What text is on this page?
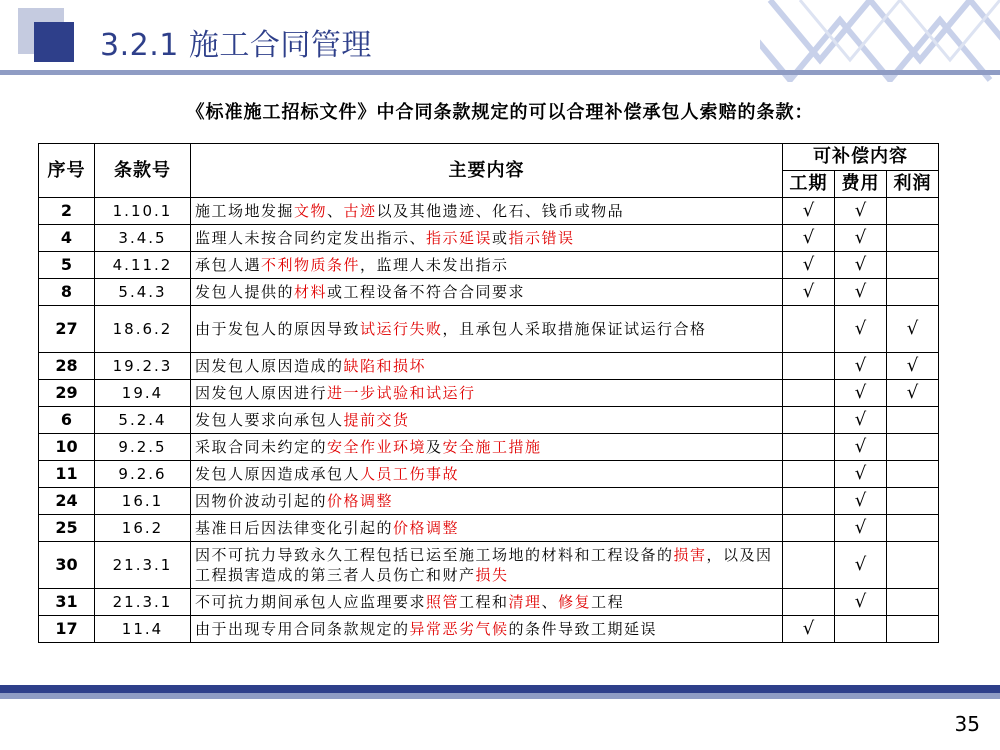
3.2.1 施工合同管理
《标准施工招标文件》中合同条款规定的可以合理补偿承包人索赔的条款：
序号	条款号	主要内容	可补偿内容		
			工期	费用	利润
2	1.10.1	施工场地发掘文物、古迹以及其他遗迹、化石、钱币或物品	√	√	
4	3.4.5	监理人未按合同约定发出指示、指示延误或指示错误	√	√	
5	4.11.2	承包人遇不利物质条件，监理人未发出指示	√	√	
8	5.4.3	发包人提供的材料或工程设备不符合合同要求	√	√	
27	18.6.2	由于发包人的原因导致试运行失败，且承包人采取措施保证试运行合格		√	√
28	19.2.3	因发包人原因造成的缺陷和损坏		√	√
29	19.4	因发包人原因进行进一步试验和试运行		√	√
6	5.2.4	发包人要求向承包人提前交货		√	
10	9.2.5	采取合同未约定的安全作业环境及安全施工措施		√	
11	9.2.6	发包人原因造成承包人人员工伤事故		√	
24	16.1	因物价波动引起的价格调整		√	
25	16.2	基准日后因法律变化引起的价格调整		√	
30	21.3.1	因不可抗力导致永久工程包括已运至施工场地的材料和工程设备的损害，以及因工程损害造成的第三者人员伤亡和财产损失		√	
31	21.3.1	不可抗力期间承包人应监理要求照管工程和清理、修复工程		√	
17	11.4	由于出现专用合同条款规定的异常恶劣气候的条件导致工期延误	√		
35
